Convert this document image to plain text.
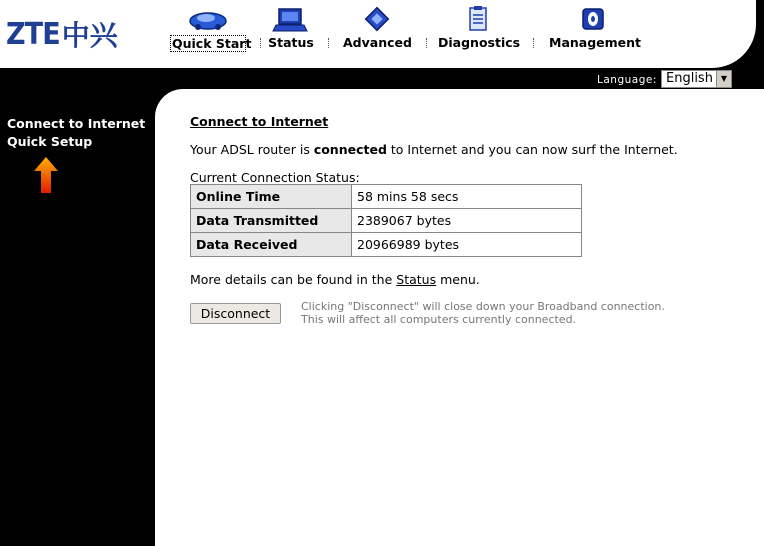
ZTE 中兴	Quick Start Status Advanced Diagnostics Management
Language: English ▼
Connect to Internet
Quick Setup
Connect to Internet
Your ADSL router is connected to Internet and you can now surf the Internet.
Current Connection Status:
Online Time	58 mins 58 secs
Data Transmitted	2389067 bytes
Data Received	20966989 bytes
More details can be found in the Status menu.
Disconnect	Clicking "Disconnect" will close down your Broadband connection.
This will affect all computers currently connected.
